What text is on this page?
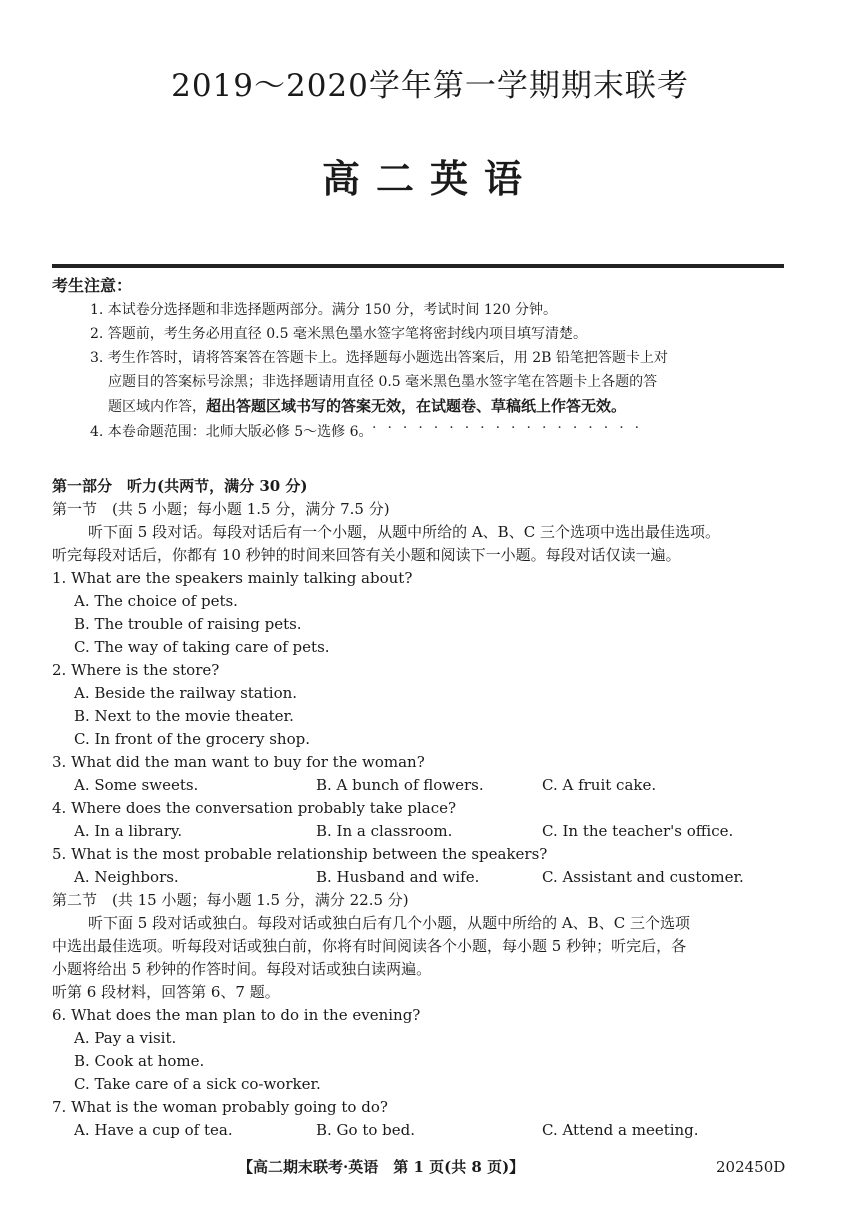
2019～2020学年第一学期期末联考
高二英语
考生注意：
1. 本试卷分选择题和非选择题两部分。满分 150 分，考试时间 120 分钟。
2. 答题前，考生务必用直径 0.5 毫米黑色墨水签字笔将密封线内项目填写清楚。
3. 考生作答时，请将答案答在答题卡上。选择题每小题选出答案后，用 2B 铅笔把答题卡上对
应题目的答案标号涂黑；非选择题请用直径 0.5 毫米黑色墨水签字笔在答题卡上各题的答
题区域内作答，超出答题区域书写的答案无效，在试题卷、草稿纸上作答无效。
··················
4. 本卷命题范围：北师大版必修 5～选修 6。
第一部分　听力(共两节，满分 30 分)
第一节　(共 5 小题；每小题 1.5 分，满分 7.5 分)
听下面 5 段对话。每段对话后有一个小题，从题中所给的 A、B、C 三个选项中选出最佳选项。
听完每段对话后，你都有 10 秒钟的时间来回答有关小题和阅读下一小题。每段对话仅读一遍。
1. What are the speakers mainly talking about?
A. The choice of pets.
B. The trouble of raising pets.
C. The way of taking care of pets.
2. Where is the store?
A. Beside the railway station.
B. Next to the movie theater.
C. In front of the grocery shop.
3. What did the man want to buy for the woman?
A. Some sweets.	B. A bunch of flowers.	C. A fruit cake.
4. Where does the conversation probably take place?
A. In a library.	B. In a classroom.	C. In the teacher's office.
5. What is the most probable relationship between the speakers?
A. Neighbors.	B. Husband and wife.	C. Assistant and customer.
第二节　(共 15 小题；每小题 1.5 分，满分 22.5 分)
听下面 5 段对话或独白。每段对话或独白后有几个小题，从题中所给的 A、B、C 三个选项
中选出最佳选项。听每段对话或独白前，你将有时间阅读各个小题，每小题 5 秒钟；听完后，各
小题将给出 5 秒钟的作答时间。每段对话或独白读两遍。
听第 6 段材料，回答第 6、7 题。
6. What does the man plan to do in the evening?
A. Pay a visit.
B. Cook at home.
C. Take care of a sick co-worker.
7. What is the woman probably going to do?
A. Have a cup of tea.	B. Go to bed.	C. Attend a meeting.
【高二期末联考·英语　第 1 页(共 8 页)】	202450D
